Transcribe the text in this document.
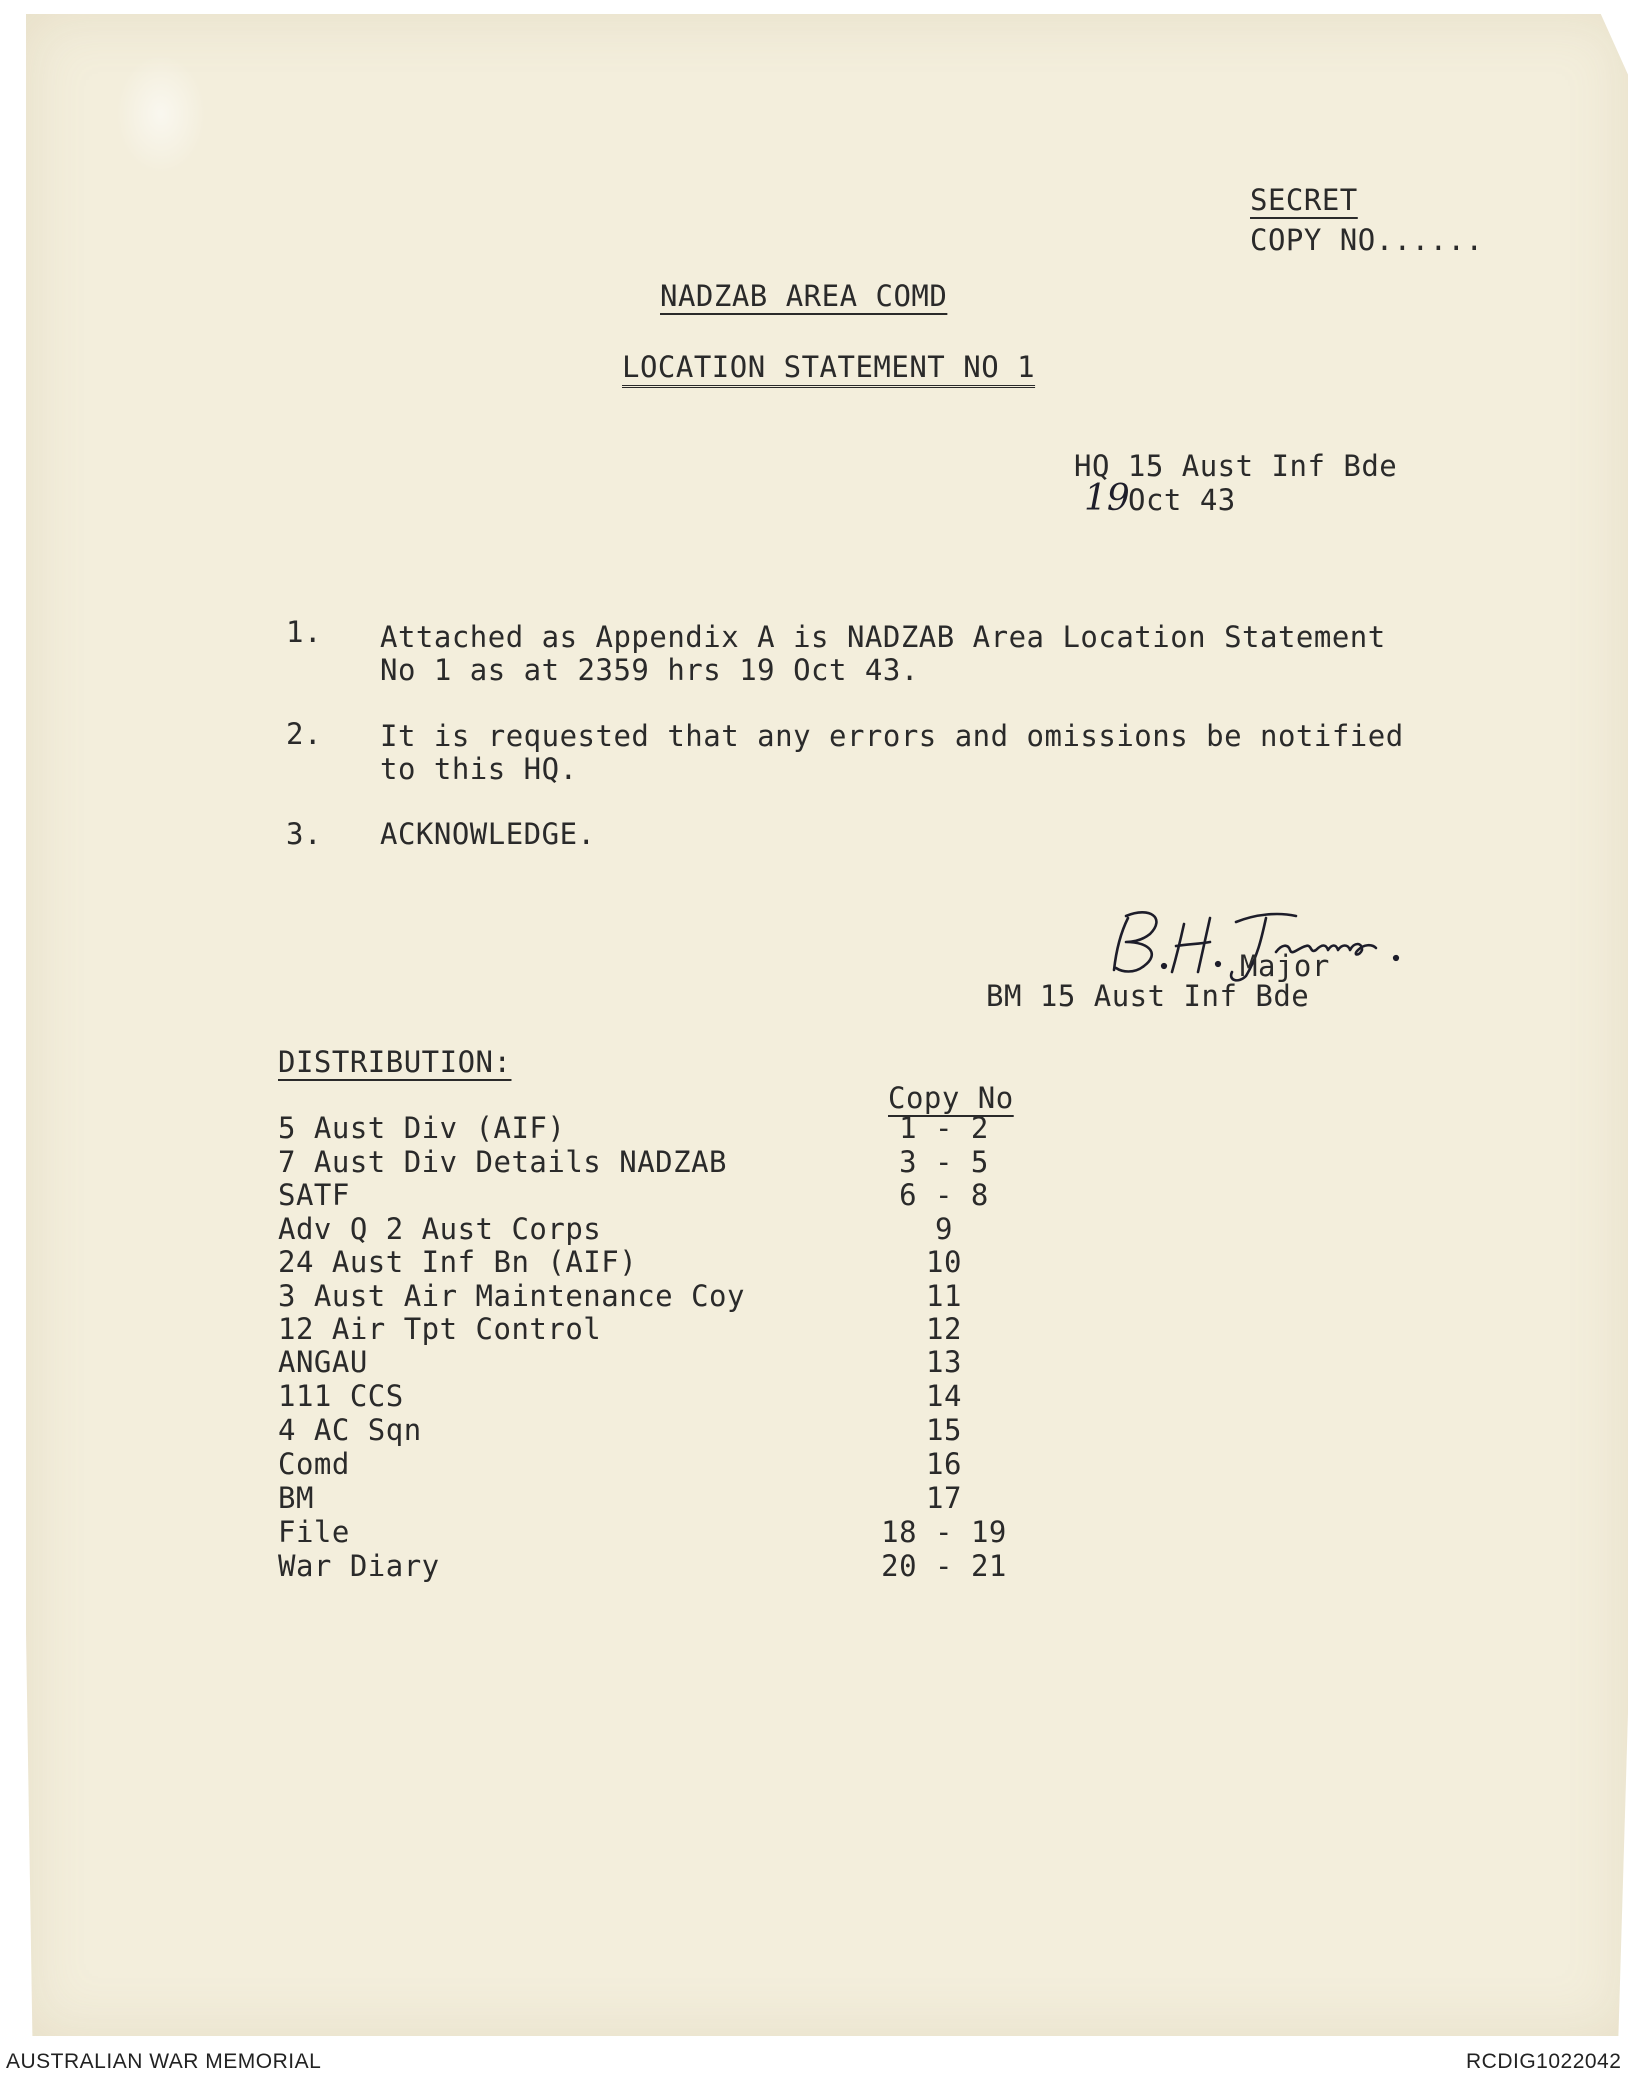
SECRET
COPY NO......
NADZAB AREA COMD
LOCATION STATEMENT NO 1
HQ 15 Aust Inf Bde
19
Oct 43
1. Attached as Appendix A is NADZAB Area Location Statement
No 1 as at 2359 hrs 19 Oct 43.
2. It is requested that any errors and omissions be notified
to this HQ.
3. ACKNOWLEDGE.
Major
BM 15 Aust Inf Bde
DISTRIBUTION:
Copy No
5 Aust Div (AIF)	1 - 2
7 Aust Div Details NADZAB	3 - 5
SATF	6 - 8
Adv Q 2 Aust Corps	9
24 Aust Inf Bn (AIF)	10
3 Aust Air Maintenance Coy	11
12 Air Tpt Control	12
ANGAU	13
111 CCS	14
4 AC Sqn	15
Comd	16
BM	17
File	18 - 19
War Diary	20 - 21
AUSTRALIAN WAR MEMORIAL	RCDIG1022042
